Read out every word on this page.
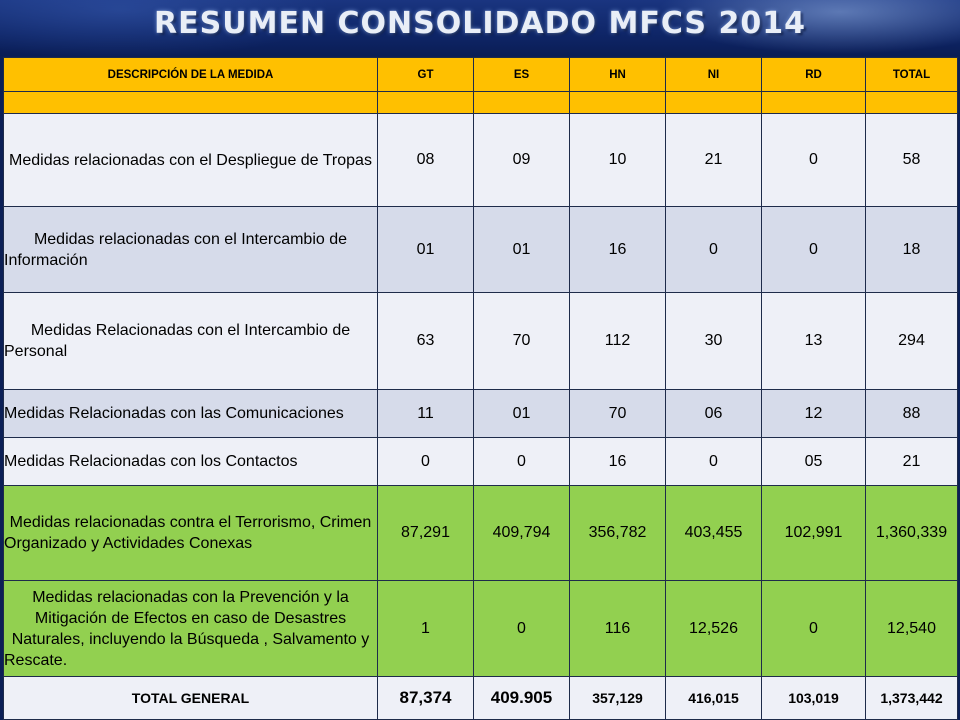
RESUMEN CONSOLIDADO MFCS 2014
DESCRIPCIÓN DE LA MEDIDA	GT	ES	HN	NI	RD	TOTAL

Medidas relacionadas con el Despliegue de Tropas	08	09	10	21	0	58
Medidas relacionadas con el Intercambio de Información	01	01	16	0	0	18
Medidas Relacionadas con el Intercambio de Personal	63	70	112	30	13	294
Medidas Relacionadas con las Comunicaciones	11	01	70	06	12	88
Medidas Relacionadas con los Contactos	0	0	16	0	05	21
Medidas relacionadas contra el Terrorismo, Crimen Organizado y Actividades Conexas	87,291	409,794	356,782	403,455	102,991	1,360,339
Medidas relacionadas con la Prevención y la Mitigación de Efectos en caso de Desastres Naturales, incluyendo la Búsqueda , Salvamento y Rescate.	1	0	116	12,526	0	12,540
TOTAL GENERAL	87,374	409.905	357,129	416,015	103,019	1,373,442
